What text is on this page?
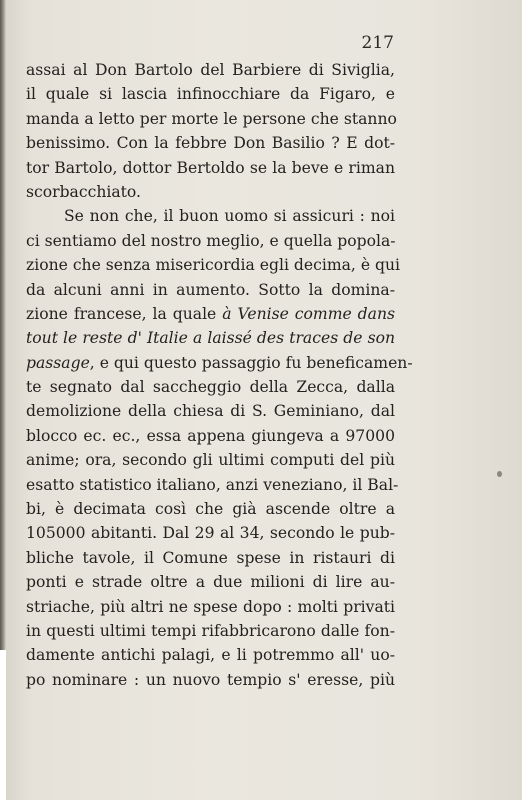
217
assai al Don Bartolo del Barbiere di Siviglia,
il quale si lascia infinocchiare da Figaro, e
manda a letto per morte le persone che stanno
benissimo. Con la febbre Don Basilio ? E dot-
tor Bartolo, dottor Bertoldo se la beve e riman
scorbacchiato.
Se non che, il buon uomo si assicuri : noi
ci sentiamo del nostro meglio, e quella popola-
zione che senza misericordia egli decima, è qui
da alcuni anni in aumento. Sotto la domina-
zione francese, la quale à Venise comme dans
tout le reste d' Italie a laissé des traces de son
passage, e qui questo passaggio fu beneficamen-
te segnato dal saccheggio della Zecca, dalla
demolizione della chiesa di S. Geminiano, dal
blocco ec. ec., essa appena giungeva a 97000
anime; ora, secondo gli ultimi computi del più
esatto statistico italiano, anzi veneziano, il Bal-
bi, è decimata così che già ascende oltre a
105000 abitanti. Dal 29 al 34, secondo le pub-
bliche tavole, il Comune spese in ristauri di
ponti e strade oltre a due milioni di lire au-
striache, più altri ne spese dopo : molti privati
in questi ultimi tempi rifabbricarono dalle fon-
damente antichi palagi, e li potremmo all' uo-
po nominare : un nuovo tempio s' eresse, più
